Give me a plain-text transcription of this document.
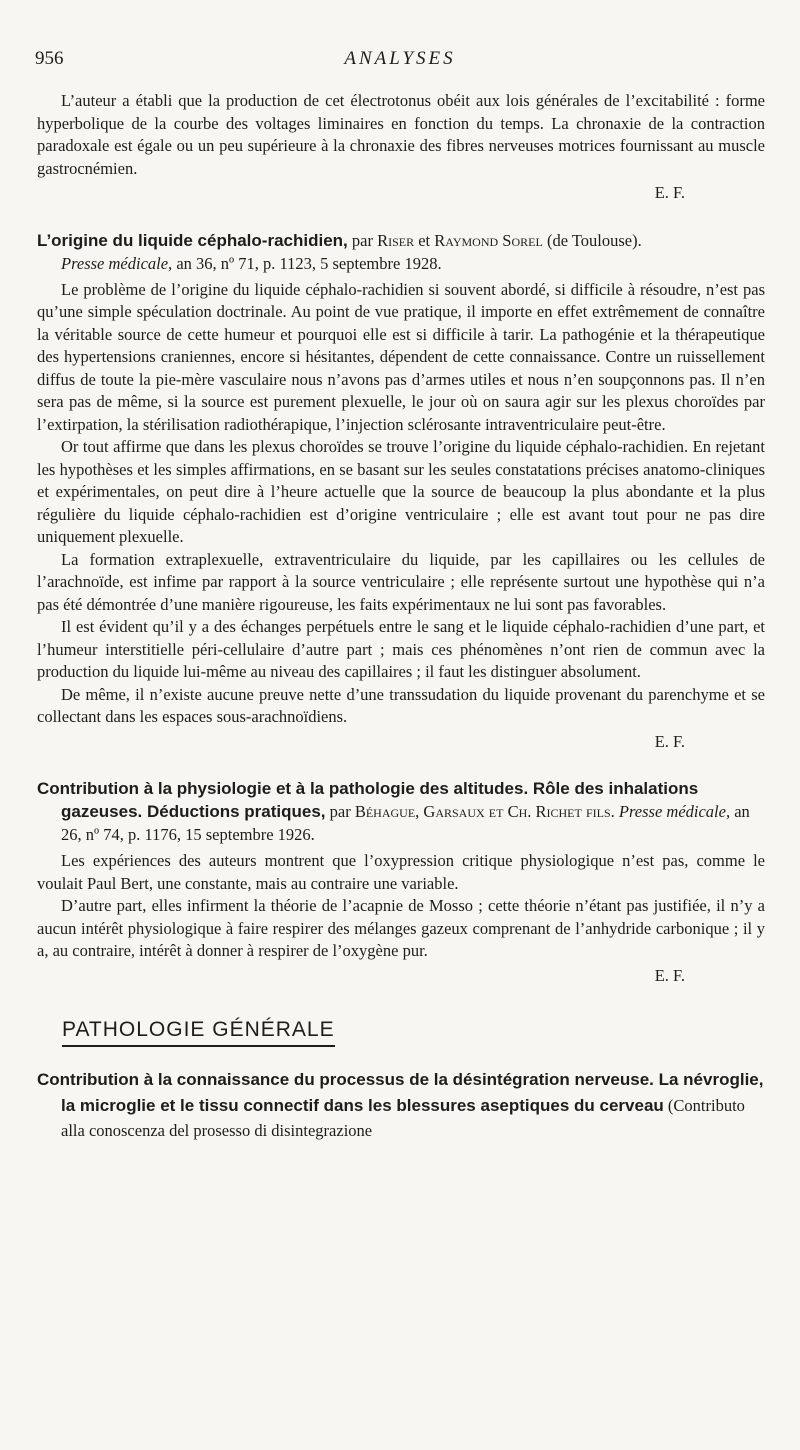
956	ANALYSES

L’auteur a établi que la production de cet électrotonus obéit aux lois générales de l’excitabilité : forme hyperbolique de la courbe des voltages liminaires en fonction du temps. La chronaxie de la contraction paradoxale est égale ou un peu supérieure à la chronaxie des fibres nerveuses motrices fournissant au muscle gastrocnémien.

E. F.
L’origine du liquide céphalo-rachidien, par Riser et Raymond Sorel (de Toulouse).
Presse médicale, an 36, nº 71, p. 1123, 5 septembre 1928.

Le problème de l’origine du liquide céphalo-rachidien si souvent abordé, si difficile à résoudre, n’est pas qu’une simple spéculation doctrinale. Au point de vue pratique, il importe en effet extrêmement de connaître la véritable source de cette humeur et pourquoi elle est si difficile à tarir. La pathogénie et la thérapeutique des hypertensions craniennes, encore si hésitantes, dépendent de cette connaissance. Contre un ruissellement diffus de toute la pie-mère vasculaire nous n’avons pas d’armes utiles et nous n’en soupçonnons pas. Il n’en sera pas de même, si la source est purement plexuelle, le jour où on saura agir sur les plexus choroïdes par l’extirpation, la stérilisation radiothérapique, l’injection sclérosante intraventriculaire peut-être.

Or tout affirme que dans les plexus choroïdes se trouve l’origine du liquide céphalo-rachidien. En rejetant les hypothèses et les simples affirmations, en se basant sur les seules constatations précises anatomo-cliniques et expérimentales, on peut dire à l’heure actuelle que la source de beaucoup la plus abondante et la plus régulière du liquide céphalo-rachidien est d’origine ventriculaire ; elle est avant tout pour ne pas dire uniquement plexuelle.

La formation extraplexuelle, extraventriculaire du liquide, par les capillaires ou les cellules de l’arachnoïde, est infime par rapport à la source ventriculaire ; elle représente surtout une hypothèse qui n’a pas été démontrée d’une manière rigoureuse, les faits expérimentaux ne lui sont pas favorables.

Il est évident qu’il y a des échanges perpétuels entre le sang et le liquide céphalo-rachidien d’une part, et l’humeur interstitielle péri-cellulaire d’autre part ; mais ces phénomènes n’ont rien de commun avec la production du liquide lui-même au niveau des capillaires ; il faut les distinguer absolument.

De même, il n’existe aucune preuve nette d’une transsudation du liquide provenant du parenchyme et se collectant dans les espaces sous-arachnoïdiens.

E. F.
Contribution à la physiologie et à la pathologie des altitudes. Rôle des inhalations gazeuses. Déductions pratiques, par Béhague, Garsaux et Ch. Richet fils. Presse médicale, an 26, nº 74, p. 1176, 15 septembre 1926.

Les expériences des auteurs montrent que l’oxypression critique physiologique n’est pas, comme le voulait Paul Bert, une constante, mais au contraire une variable.

D’autre part, elles infirment la théorie de l’acapnie de Mosso ; cette théorie n’étant pas justifiée, il n’y a aucun intérêt physiologique à faire respirer des mélanges gazeux comprenant de l’anhydride carbonique ; il y a, au contraire, intérêt à donner à respirer de l’oxygène pur.

E. F.
PATHOLOGIE GÉNÉRALE
Contribution à la connaissance du processus de la désintégration nerveuse. La névroglie, la microglie et le tissu connectif dans les blessures aseptiques du cerveau (Contributo alla conoscenza del prosesso di disintegrazione
